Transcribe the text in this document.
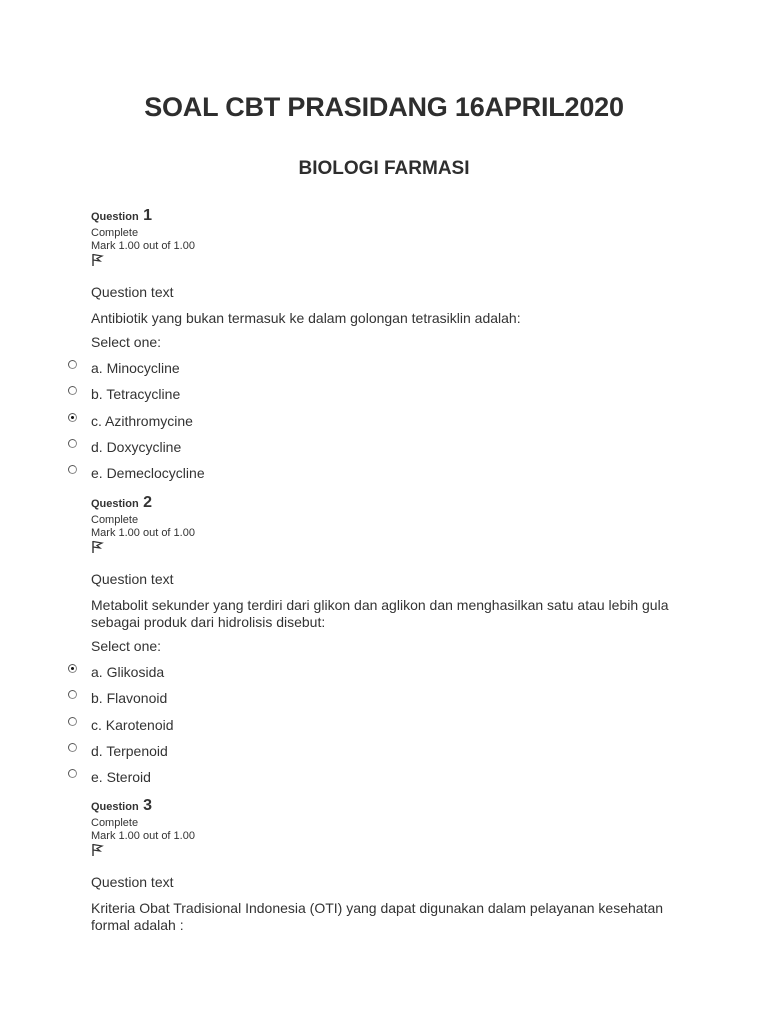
SOAL CBT PRASIDANG 16APRIL2020
BIOLOGI FARMASI
Question 1
Complete
Mark 1.00 out of 1.00
Question text
Antibiotik yang bukan termasuk ke dalam golongan tetrasiklin adalah:
Select one:
a. Minocycline
b. Tetracycline
c. Azithromycine
d. Doxycycline
e. Demeclocycline
Question 2
Complete
Mark 1.00 out of 1.00
Question text
Metabolit sekunder yang terdiri dari glikon dan aglikon dan menghasilkan satu atau lebih gula sebagai produk dari hidrolisis disebut:
Select one:
a. Glikosida
b. Flavonoid
c. Karotenoid
d. Terpenoid
e. Steroid
Question 3
Complete
Mark 1.00 out of 1.00
Question text
Kriteria Obat Tradisional Indonesia (OTI) yang dapat digunakan dalam pelayanan kesehatan formal adalah :
